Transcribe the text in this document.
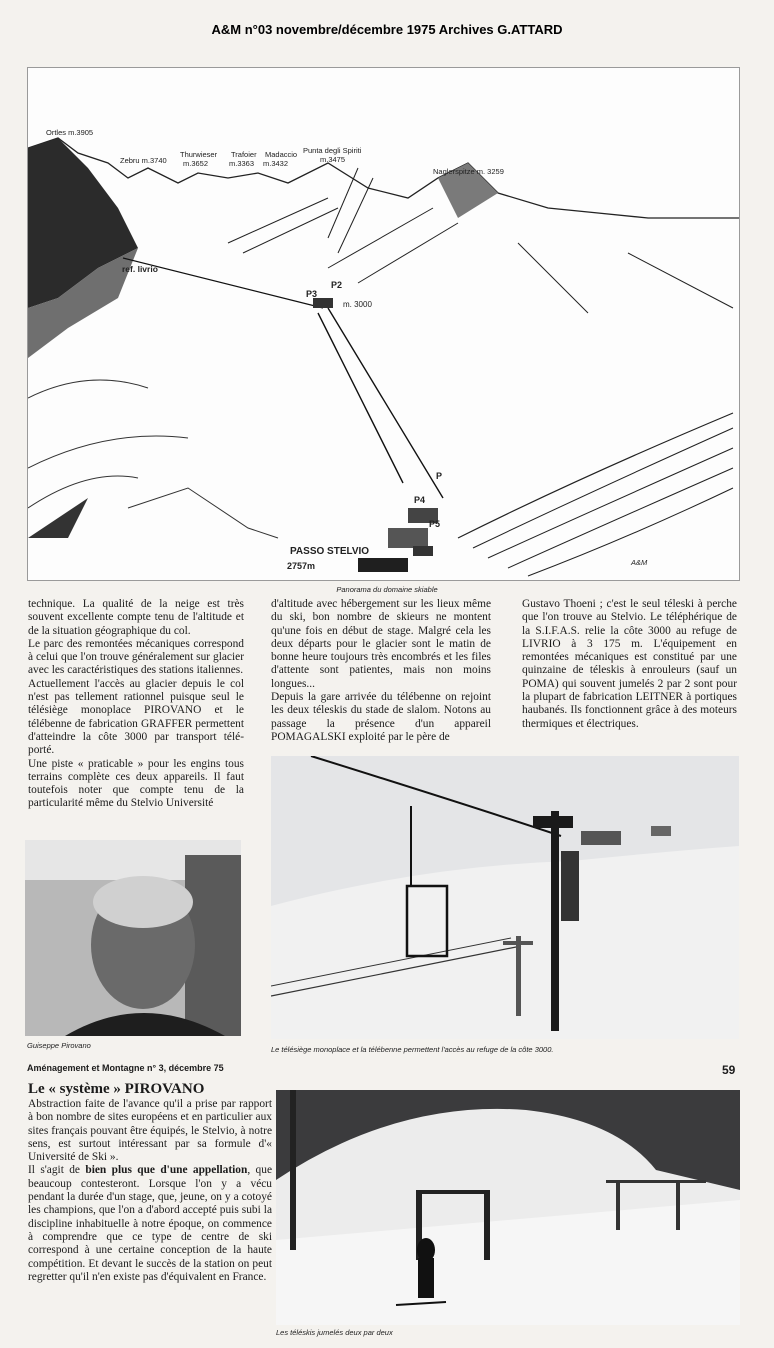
A&M n°03 novembre/décembre 1975 Archives G.ATTARD
Ortles m.3905
Zebru m.3740
Thurwieser
m.3652
Trafoier
m.3363
Madaccio
m.3432
Punta degli Spiriti
m.3475
Naglerspitze m. 3259
ref. livrio
P3
P2
m. 3000
P
P4
P5
PASSO STELVIO
2757m	A&M
Panorama du domaine skiable

technique. La qualité de la neige est très souvent excellente compte tenu de l'altitude et de la situation géographique du col.

Le parc des remontées mécaniques correspond à celui que l'on trouve généralement sur glacier avec les caractéristiques des stations italiennes.

Actuellement l'accès au glacier depuis le col n'est pas tellement rationnel puisque seul le télésiège monoplace PIROVANO et le télébenne de fabrication GRAFFER permettent d'atteindre la côte 3000 par transport télé-porté.

Une piste « praticable » pour les engins tous terrains complète ces deux appareils. Il faut toutefois noter que compte tenu de la particularité même du Stelvio Université

d'altitude avec hébergement sur les lieux même du ski, bon nombre de skieurs ne montent qu'une fois en début de stage. Malgré cela les deux départs pour le glacier sont le matin de bonne heure toujours très encombrés et les files d'attente sont patientes, mais non moins longues...

Depuis la gare arrivée du télébenne on rejoint les deux téleskis du stade de slalom. Notons au passage la présence d'un appareil POMAGALSKI exploité par le père de

Gustavo Thoeni ; c'est le seul téleski à perche que l'on trouve au Stelvio. Le téléphérique de la S.I.F.A.S. relie la côte 3000 au refuge de LIVRIO à 3 175 m. L'équipement en remontées mécaniques est constitué par une quinzaine de téleskis à enrouleurs (sauf un POMA) qui souvent jumelés 2 par 2 sont pour la plupart de fabrication LEITNER à portiques haubanés. Ils fonctionnent grâce à des moteurs thermiques et électriques.

Guiseppe Pirovano	Le télésiège monoplace et la télébenne permettent l'accès au refuge de la côte 3000.
Aménagement et Montagne n° 3, décembre 75	59
Le « système » PIROVANO

Abstraction faite de l'avance qu'il a prise par rapport à bon nombre de sites européens et en particulier aux sites français pouvant être équipés, le Stelvio, à notre sens, est surtout intéressant par sa formule d'« Université de Ski ».

Il s'agit de bien plus que d'une appellation, que beaucoup contesteront. Lorsque l'on y a vécu pendant la durée d'un stage, que, jeune, on y a cotoyé les champions, que l'on a d'abord accepté puis subi la discipline inhabituelle à notre époque, on commence à comprendre que ce type de centre de ski correspond à une certaine conception de la haute compétition. Et devant le succès de la station on peut regretter qu'il n'en existe pas d'équivalent en France.

Les téléskis jumelés deux par deux
